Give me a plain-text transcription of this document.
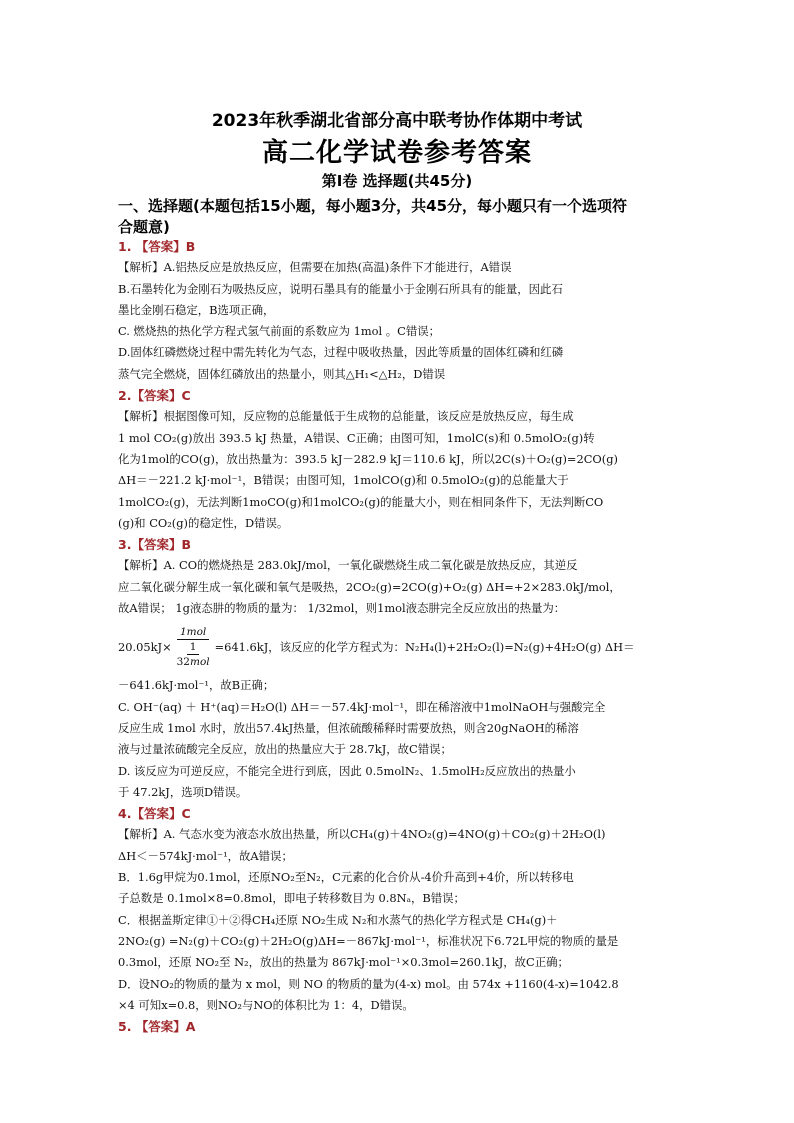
2023年秋季湖北省部分高中联考协作体期中考试
高二化学试卷参考答案
第Ⅰ卷 选择题(共45分)
一、选择题(本题包括15小题，每小题3分，共45分，每小题只有一个选项符
合题意)
1. 【答案】B
【解析】A.铝热反应是放热反应，但需要在加热(高温)条件下才能进行，A错误
B.石墨转化为金刚石为吸热反应，说明石墨具有的能量小于金刚石所具有的能量，因此石
墨比金刚石稳定，B选项正确，
C. 燃烧热的热化学方程式氢气前面的系数应为 1mol 。C错误；
D.固体红磷燃烧过程中需先转化为气态，过程中吸收热量，因此等质量的固体红磷和红磷
蒸气完全燃烧，固体红磷放出的热量小，则其△H₁<△H₂，D错误
2.【答案】C
【解析】根据图像可知，反应物的总能量低于生成物的总能量，该反应是放热反应，每生成
1 mol CO₂(g)放出 393.5 kJ 热量，A错误、C正确；由图可知，1molC(s)和 0.5molO₂(g)转
化为1mol的CO(g)，放出热量为：393.5 kJ－282.9 kJ＝110.6 kJ，所以2C(s)＋O₂(g)=2CO(g)
ΔH＝－221.2 kJ·mol⁻¹，B错误；由图可知，1molCO(g)和 0.5molO₂(g)的总能量大于
1molCO₂(g)，无法判断1moCO(g)和1molCO₂(g)的能量大小，则在相同条件下，无法判断CO
(g)和 CO₂(g)的稳定性，D错误。
3.【答案】B
【解析】A. CO的燃烧热是 283.0kJ/mol，一氧化碳燃烧生成二氧化碳是放热反应，其逆反
应二氧化碳分解生成一氧化碳和氧气是吸热，2CO₂(g)=2CO(g)+O₂(g) ΔH=+2×283.0kJ/mol，
故A错误； 1g液态肼的物质的量为： 1/32mol，则1mol液态肼完全反应放出的热量为：
20.05kJ×
1mol
1
32mol
=641.6kJ，该反应的化学方程式为：N₂H₄(l)+2H₂O₂(l)=N₂(g)+4H₂O(g) ΔH＝
－641.6kJ·mol⁻¹，故B正确；
C. OH⁻(aq) ＋ H⁺(aq)＝H₂O(l) ΔH＝－57.4kJ·mol⁻¹，即在稀溶液中1molNaOH与强酸完全
反应生成 1mol 水时，放出57.4kJ热量，但浓硫酸稀释时需要放热，则含20gNaOH的稀溶
液与过量浓硫酸完全反应，放出的热量应大于 28.7kJ，故C错误；
D. 该反应为可逆反应，不能完全进行到底，因此 0.5molN₂、1.5molH₂反应放出的热量小
于 47.2kJ，选项D错误。
4.【答案】C
【解析】A. 气态水变为液态水放出热量，所以CH₄(g)＋4NO₂(g)=4NO(g)＋CO₂(g)＋2H₂O(l)
ΔH＜－574kJ·mol⁻¹，故A错误；
B．1.6g甲烷为0.1mol，还原NO₂至N₂，C元素的化合价从-4价升高到+4价，所以转移电
子总数是 0.1mol×8=0.8mol，即电子转移数目为 0.8Nₐ，B错误；
C．根据盖斯定律①＋②得CH₄还原 NO₂生成 N₂和水蒸气的热化学方程式是 CH₄(g)＋
2NO₂(g) =N₂(g)＋CO₂(g)＋2H₂O(g)ΔH=－867kJ·mol⁻¹，标准状况下6.72L甲烷的物质的量是
0.3mol，还原 NO₂至 N₂，放出的热量为 867kJ·mol⁻¹×0.3mol=260.1kJ，故C正确；
D．设NO₂的物质的量为 x mol，则 NO 的物质的量为(4-x) mol。由 574x +1160(4-x)=1042.8
×4 可知x=0.8，则NO₂与NO的体积比为 1：4，D错误。
5. 【答案】A
